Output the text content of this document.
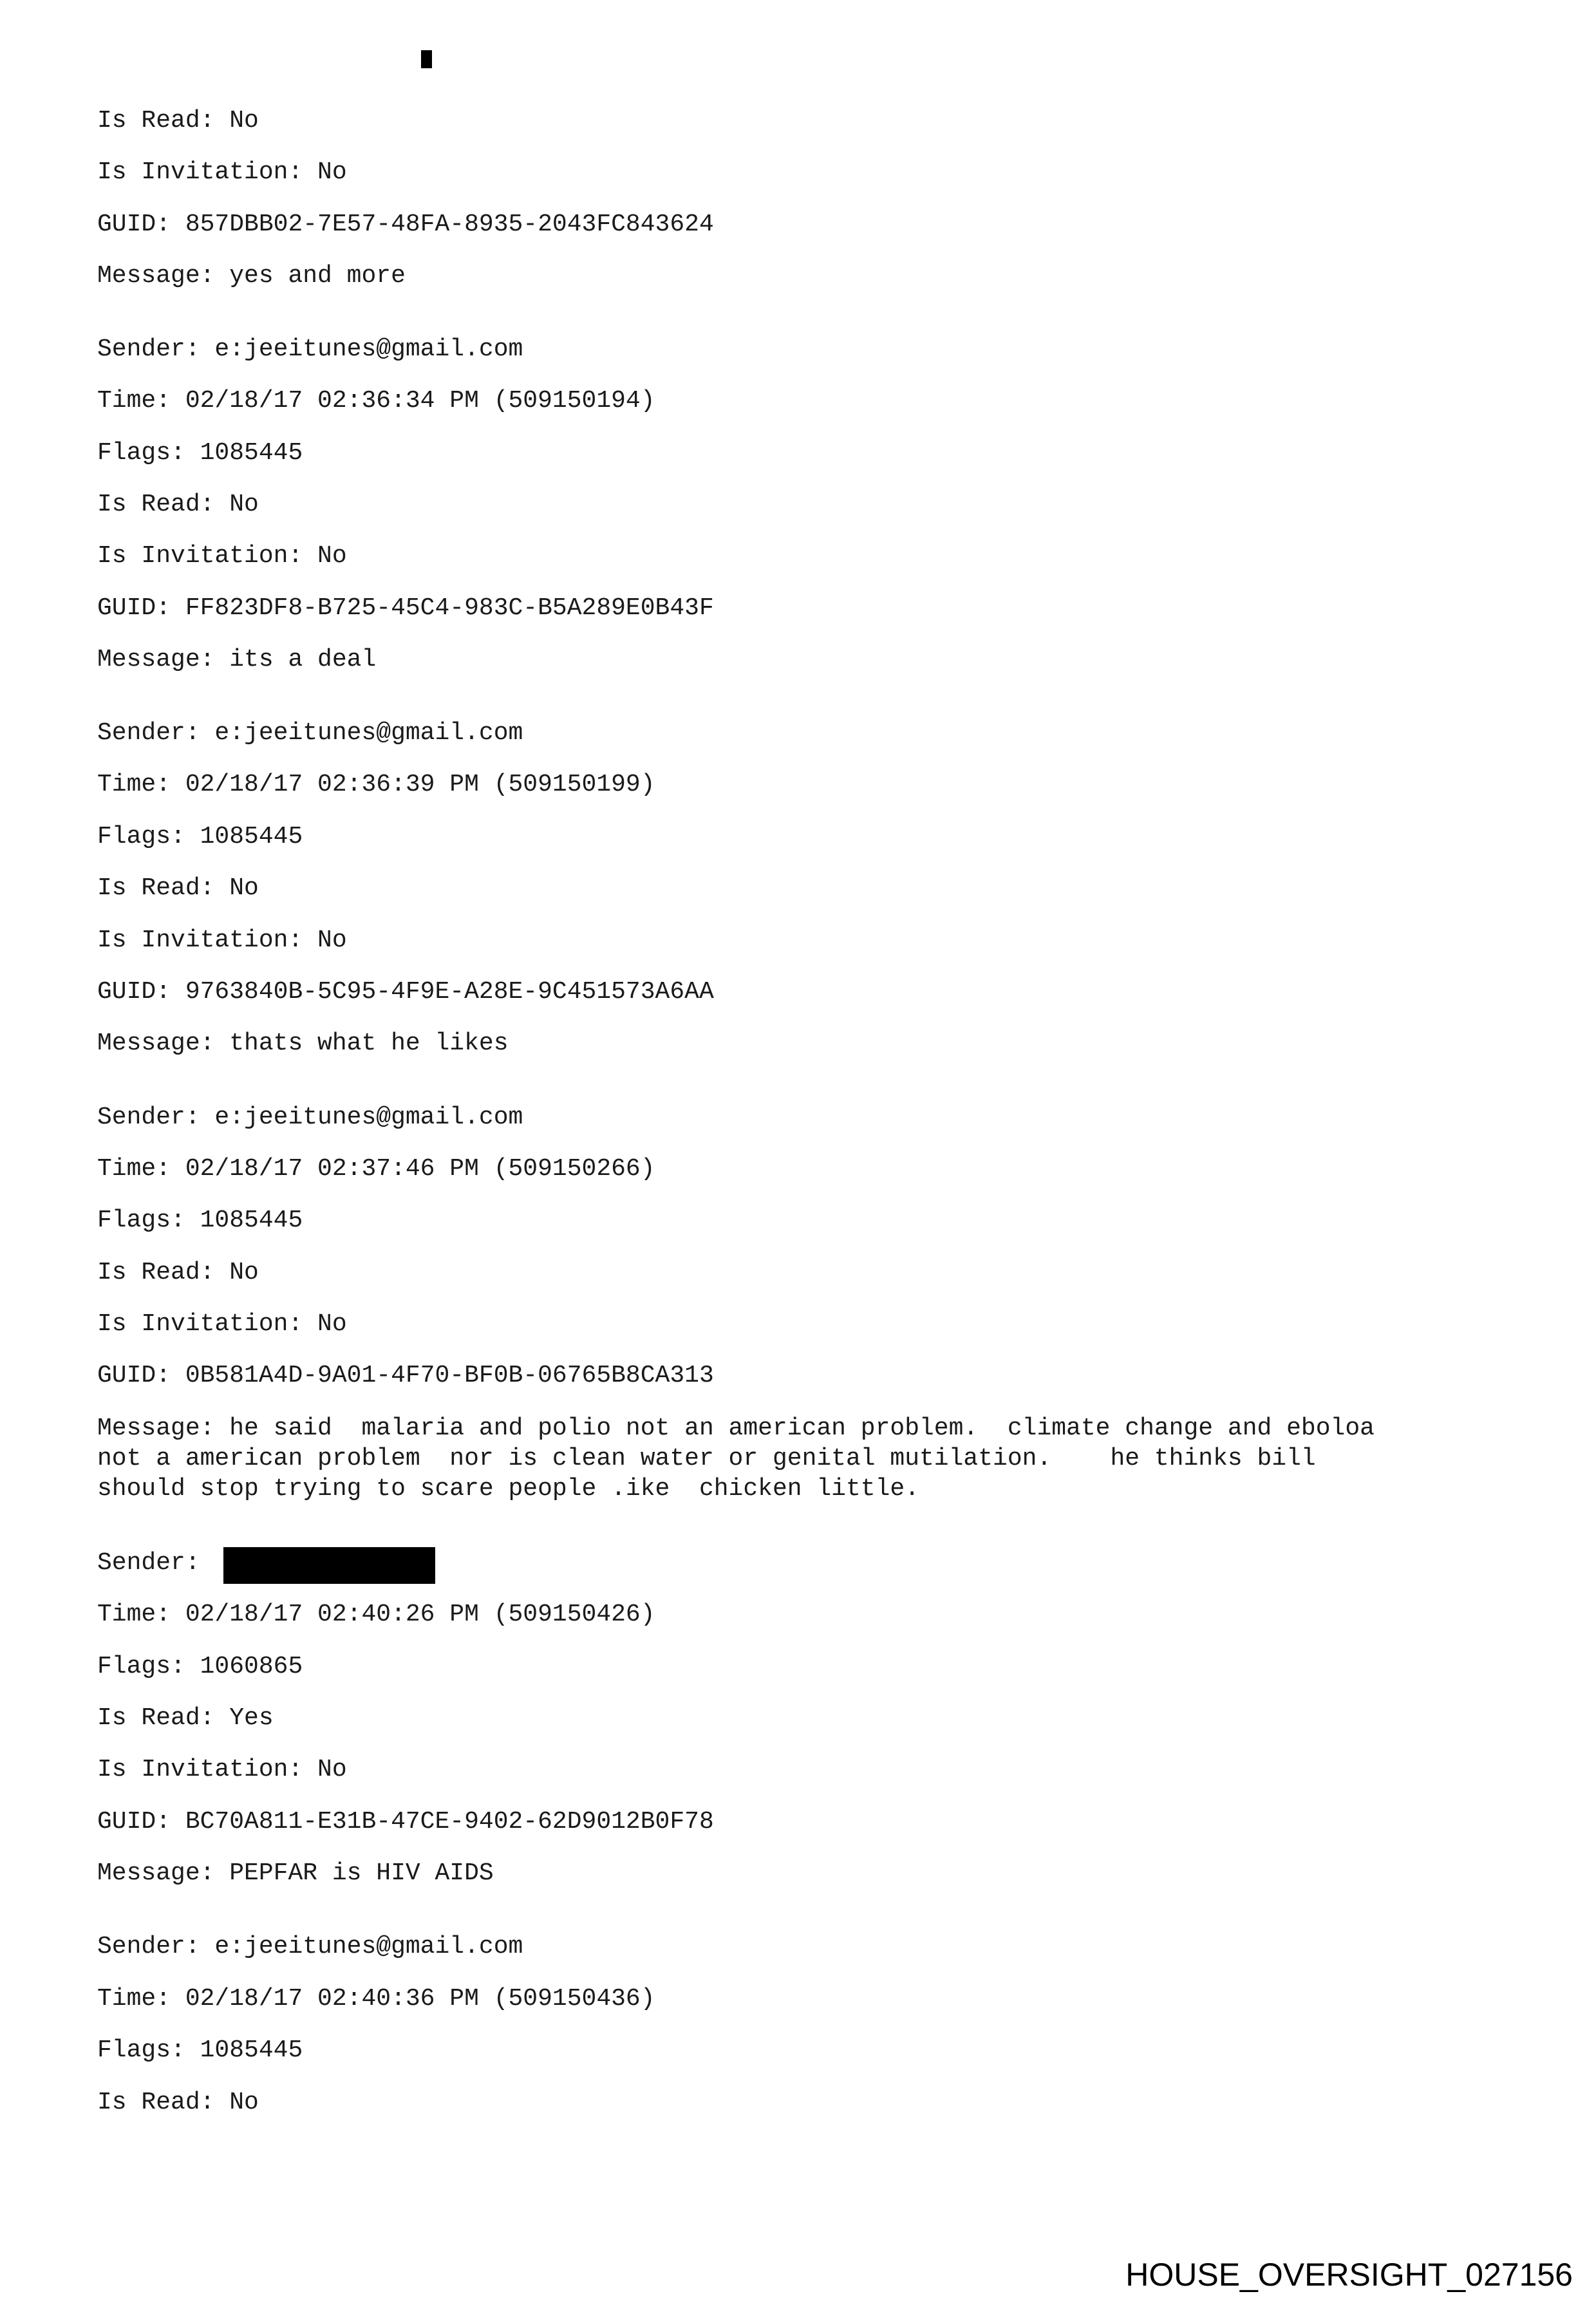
Is Read: No
Is Invitation: No
GUID: 857DBB02-7E57-48FA-8935-2043FC843624
Message: yes and more
Sender: e:jeeitunes@gmail.com
Time: 02/18/17 02:36:34 PM (509150194)
Flags: 1085445
Is Read: No
Is Invitation: No
GUID: FF823DF8-B725-45C4-983C-B5A289E0B43F
Message: its a deal
Sender: e:jeeitunes@gmail.com
Time: 02/18/17 02:36:39 PM (509150199)
Flags: 1085445
Is Read: No
Is Invitation: No
GUID: 9763840B-5C95-4F9E-A28E-9C451573A6AA
Message: thats what he likes
Sender: e:jeeitunes@gmail.com
Time: 02/18/17 02:37:46 PM (509150266)
Flags: 1085445
Is Read: No
Is Invitation: No
GUID: 0B581A4D-9A01-4F70-BF0B-06765B8CA313
Message: he said  malaria and polio not an american problem.  climate change and eboloa
not a american problem  nor is clean water or genital mutilation.    he thinks bill
should stop trying to scare people .ike  chicken little.
Sender:
Time: 02/18/17 02:40:26 PM (509150426)
Flags: 1060865
Is Read: Yes
Is Invitation: No
GUID: BC70A811-E31B-47CE-9402-62D9012B0F78
Message: PEPFAR is HIV AIDS
Sender: e:jeeitunes@gmail.com
Time: 02/18/17 02:40:36 PM (509150436)
Flags: 1085445
Is Read: No
HOUSE_OVERSIGHT_027156
